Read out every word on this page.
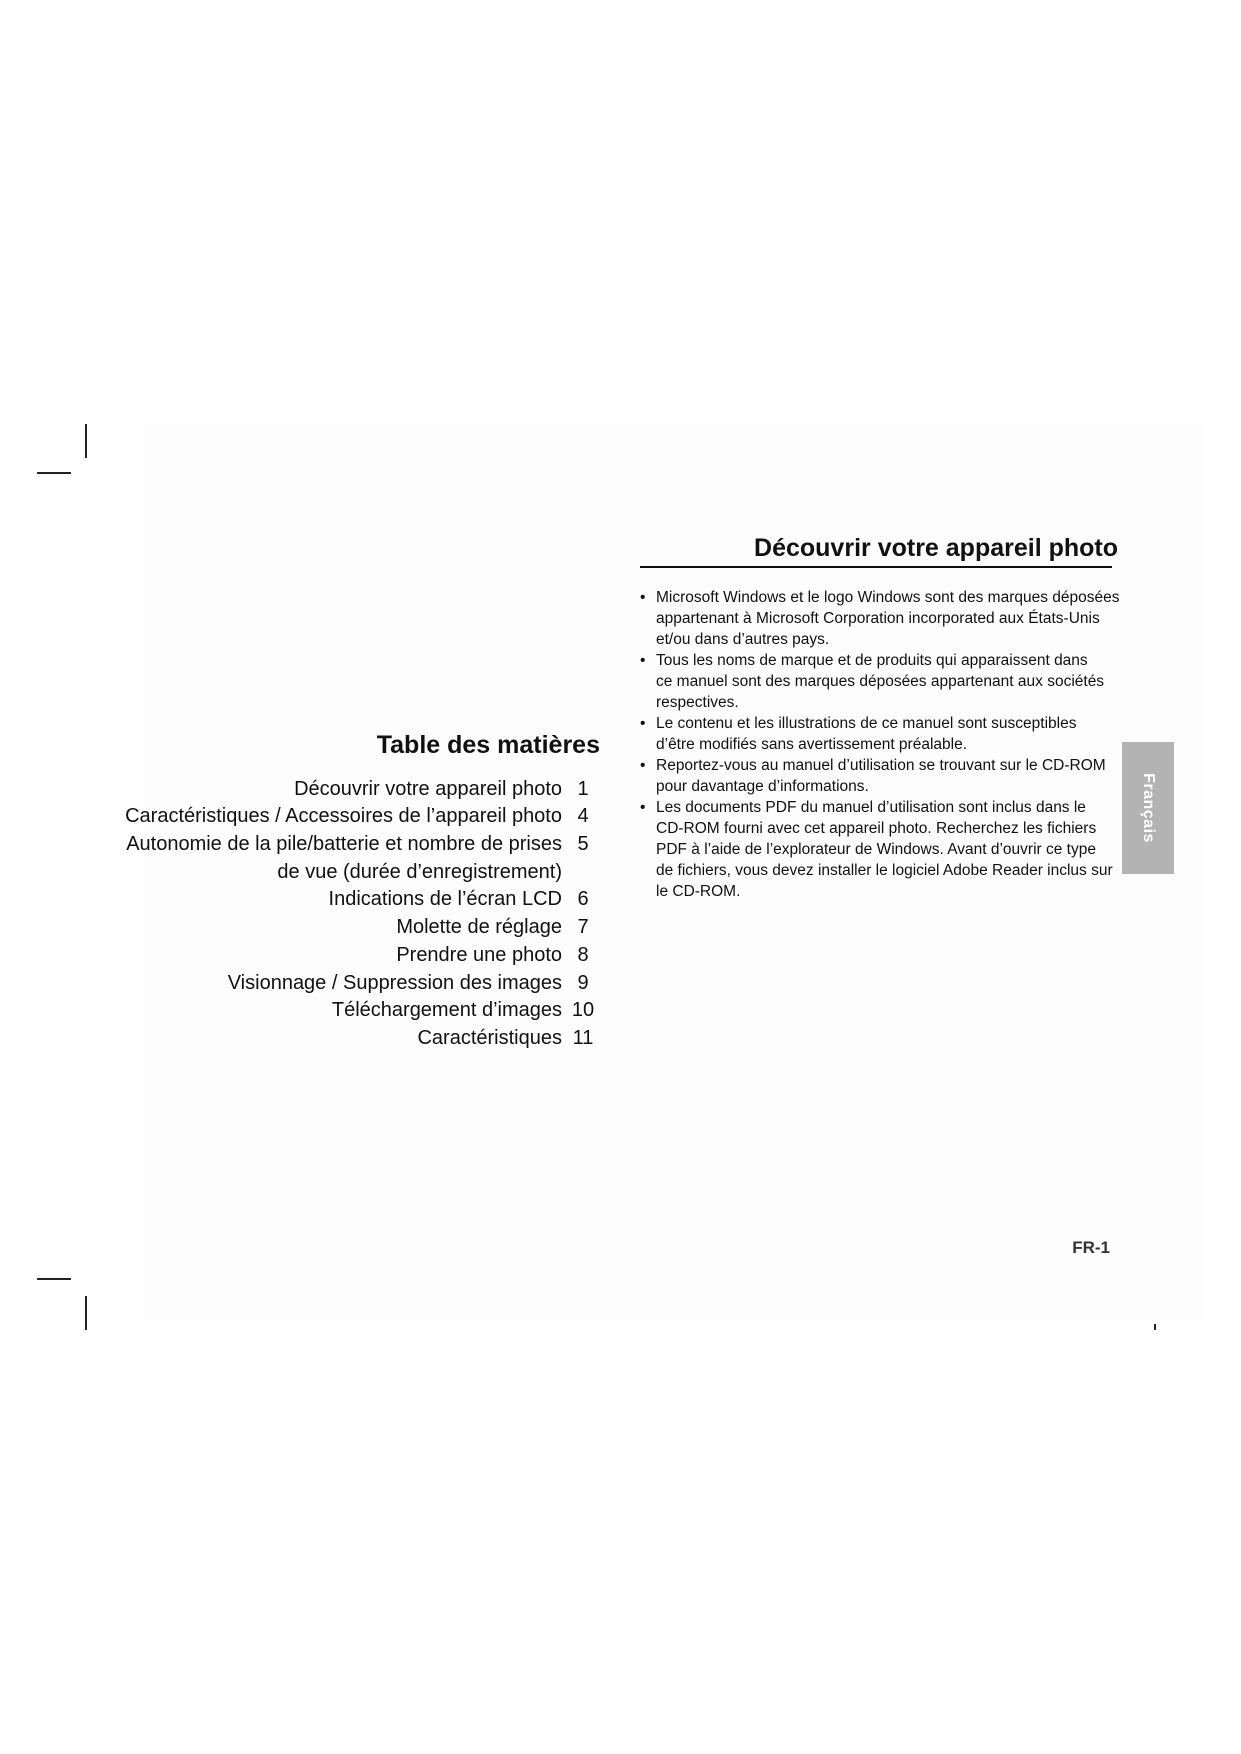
Table des matières
Découvrir votre appareil photo 1
Caractéristiques / Accessoires de l’appareil photo 4
Autonomie de la pile/batterie et nombre de prises 5
de vue (durée d’enregistrement)
Indications de l’écran LCD 6
Molette de réglage 7
Prendre une photo 8
Visionnage / Suppression des images 9
Téléchargement d’images 10
Caractéristiques 11
Découvrir votre appareil photo
• Microsoft Windows et le logo Windows sont des marques déposées
appartenant à Microsoft Corporation incorporated aux États-Unis
et/ou dans d’autres pays.
• Tous les noms de marque et de produits qui apparaissent dans
ce manuel sont des marques déposées appartenant aux sociétés
respectives.
• Le contenu et les illustrations de ce manuel sont susceptibles
d’être modifiés sans avertissement préalable.
• Reportez-vous au manuel d’utilisation se trouvant sur le CD-ROM
pour davantage d’informations.
• Les documents PDF du manuel d’utilisation sont inclus dans le
CD-ROM fourni avec cet appareil photo. Recherchez les fichiers
PDF à l’aide de l’explorateur de Windows. Avant d’ouvrir ce type
de fichiers, vous devez installer le logiciel Adobe Reader inclus sur
le CD-ROM.
Français
FR-1
